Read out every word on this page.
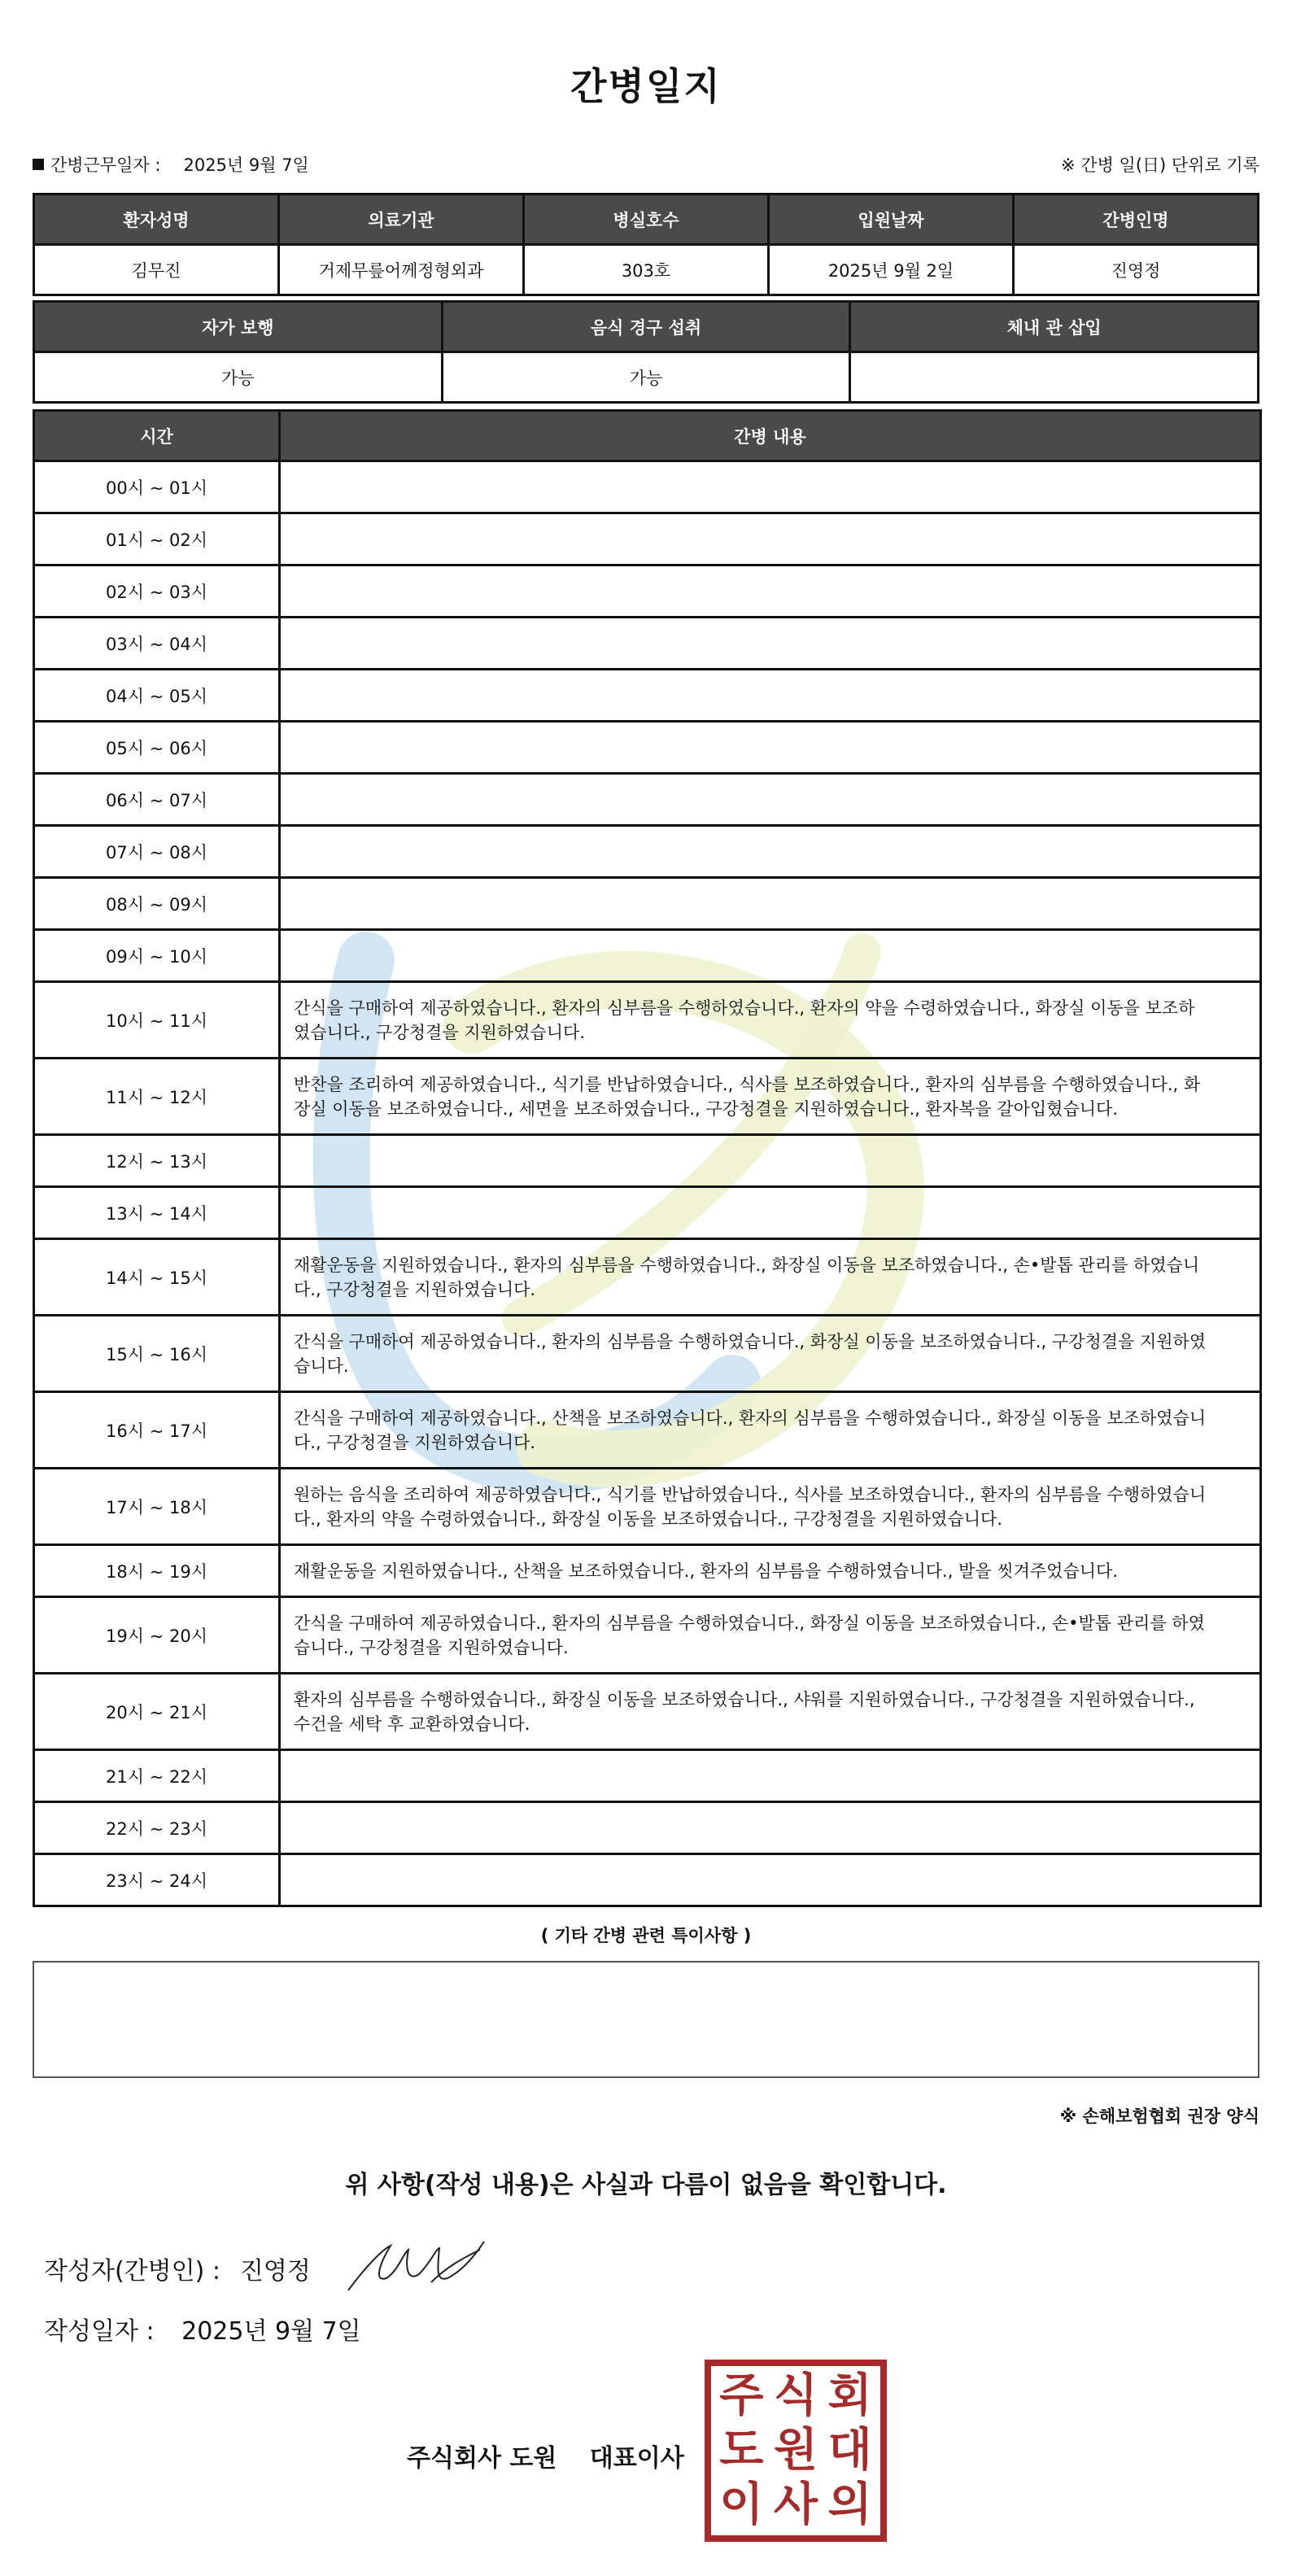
간병일지
간병근무일자 : 2025년 9월 7일	※ 간병 일(日) 단위로 기록
환자성명	의료기관	병실호수	입원날짜	간병인명
김무진	거제무릎어께정형외과	303호	2025년 9월 2일	진영정
자가 보행	음식 경구 섭취	체내 관 삽입
가능	가능	
시간	간병 내용
00시 ~ 01시	
01시 ~ 02시	
02시 ~ 03시	
03시 ~ 04시	
04시 ~ 05시	
05시 ~ 06시	
06시 ~ 07시	
07시 ~ 08시	
08시 ~ 09시	
09시 ~ 10시	
10시 ~ 11시	간식을 구매하여 제공하였습니다., 환자의 심부름을 수행하였습니다., 환자의 약을 수령하였습니다., 화장실 이동을 보조하
였습니다., 구강청결을 지원하였습니다.

11시 ~ 12시	반찬을 조리하여 제공하였습니다., 식기를 반납하였습니다., 식사를 보조하였습니다., 환자의 심부름을 수행하였습니다., 화
장실 이동을 보조하였습니다., 세면을 보조하였습니다., 구강청결을 지원하였습니다., 환자복을 갈아입혔습니다.

12시 ~ 13시	
13시 ~ 14시	
14시 ~ 15시	재활운동을 지원하였습니다., 환자의 심부름을 수행하였습니다., 화장실 이동을 보조하였습니다., 손•발톱 관리를 하였습니
다., 구강청결을 지원하였습니다.

15시 ~ 16시	간식을 구매하여 제공하였습니다., 환자의 심부름을 수행하였습니다., 화장실 이동을 보조하였습니다., 구강청결을 지원하였
습니다.

16시 ~ 17시	간식을 구매하여 제공하였습니다., 산책을 보조하였습니다., 환자의 심부름을 수행하였습니다., 화장실 이동을 보조하였습니
다., 구강청결을 지원하였습니다.

17시 ~ 18시	원하는 음식을 조리하여 제공하였습니다., 식기를 반납하였습니다., 식사를 보조하였습니다., 환자의 심부름을 수행하였습니
다., 환자의 약을 수령하였습니다., 화장실 이동을 보조하였습니다., 구강청결을 지원하였습니다.

18시 ~ 19시	재활운동을 지원하였습니다., 산책을 보조하였습니다., 환자의 심부름을 수행하였습니다., 발을 씻겨주었습니다.

19시 ~ 20시	간식을 구매하여 제공하였습니다., 환자의 심부름을 수행하였습니다., 화장실 이동을 보조하였습니다., 손•발톱 관리를 하였
습니다., 구강청결을 지원하였습니다.

20시 ~ 21시	환자의 심부름을 수행하였습니다., 화장실 이동을 보조하였습니다., 샤워를 지원하였습니다., 구강청결을 지원하였습니다.,
수건을 세탁 후 교환하였습니다.

21시 ~ 22시	
22시 ~ 23시	
23시 ~ 24시	
( 기타 간병 관련 특이사항 )
※ 손해보험협회 권장 양식
위 사항(작성 내용)은 사실과 다름이 없음을 확인합니다.
작성자(간병인) : 진영정
작성일자 : 2025년 9월 7일
주식회사 도원 대표이사
주 식 회
도 원 대
이 사 의
